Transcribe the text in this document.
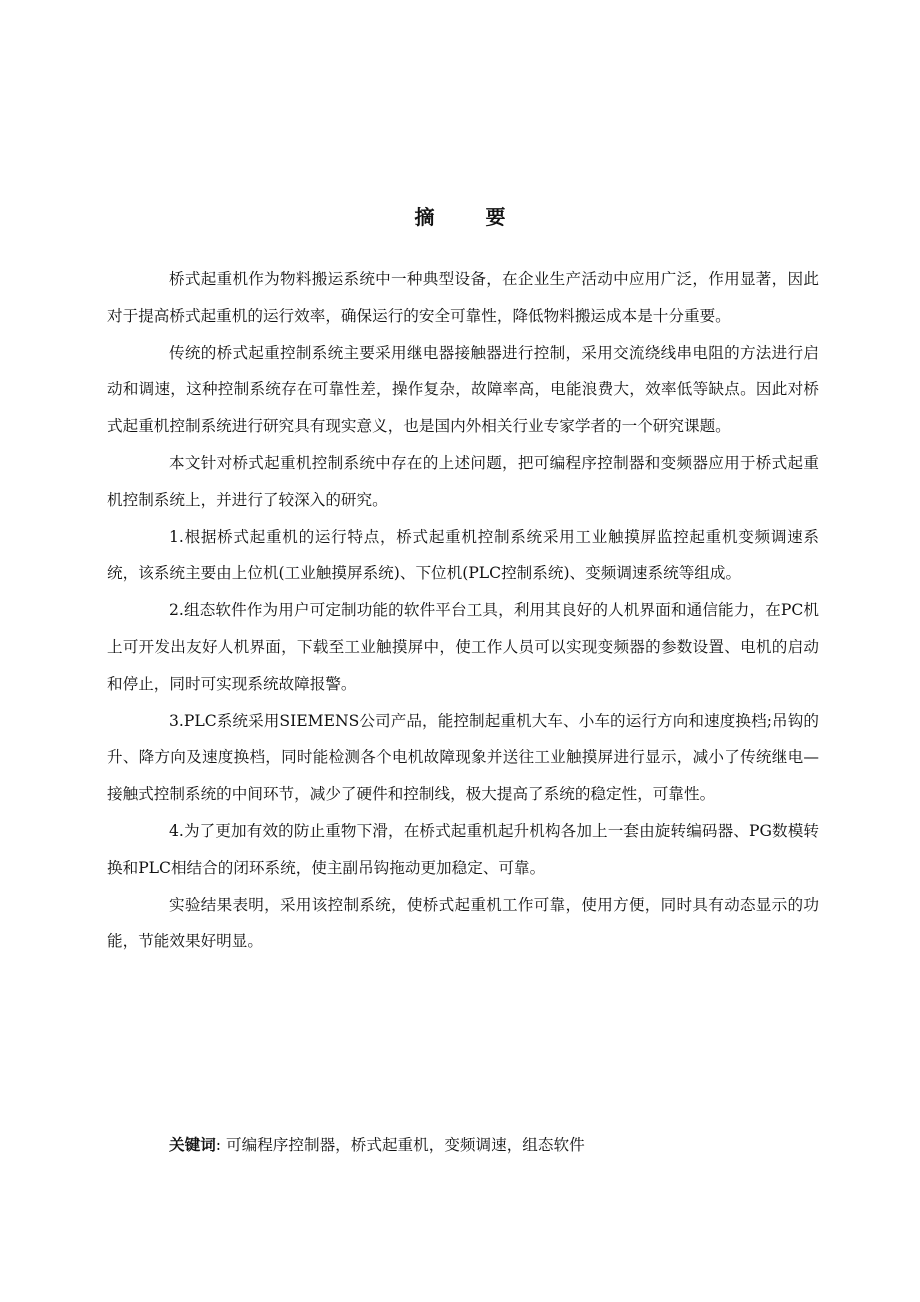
摘 要

桥式起重机作为物料搬运系统中一种典型设备，在企业生产活动中应用广泛，作用显著，因此对于提高桥式起重机的运行效率，确保运行的安全可靠性，降低物料搬运成本是十分重要。

传统的桥式起重控制系统主要采用继电器接触器进行控制，采用交流绕线串电阻的方法进行启动和调速，这种控制系统存在可靠性差，操作复杂，故障率高，电能浪费大，效率低等缺点。因此对桥式起重机控制系统进行研究具有现实意义，也是国内外相关行业专家学者的一个研究课题。

本文针对桥式起重机控制系统中存在的上述问题，把可编程序控制器和变频器应用于桥式起重机控制系统上，并进行了较深入的研究。

1.根据桥式起重机的运行特点，桥式起重机控制系统采用工业触摸屏监控起重机变频调速系统，该系统主要由上位机(工业触摸屏系统)、下位机(PLC控制系统)、变频调速系统等组成。

2.组态软件作为用户可定制功能的软件平台工具，利用其良好的人机界面和通信能力，在PC机上可开发出友好人机界面，下载至工业触摸屏中，使工作人员可以实现变频器的参数设置、电机的启动和停止，同时可实现系统故障报警。

3.PLC系统采用SIEMENS公司产品，能控制起重机大车、小车的运行方向和速度换档;吊钩的升、降方向及速度换档，同时能检测各个电机故障现象并送往工业触摸屏进行显示，减小了传统继电—接触式控制系统的中间环节，减少了硬件和控制线，极大提高了系统的稳定性，可靠性。

4.为了更加有效的防止重物下滑，在桥式起重机起升机构各加上一套由旋转编码器、PG数模转换和PLC相结合的闭环系统，使主副吊钩拖动更加稳定、可靠。

实验结果表明，采用该控制系统，使桥式起重机工作可靠，使用方便，同时具有动态显示的功能，节能效果好明显。

关键词: 可编程序控制器，桥式起重机，变频调速，组态软件
